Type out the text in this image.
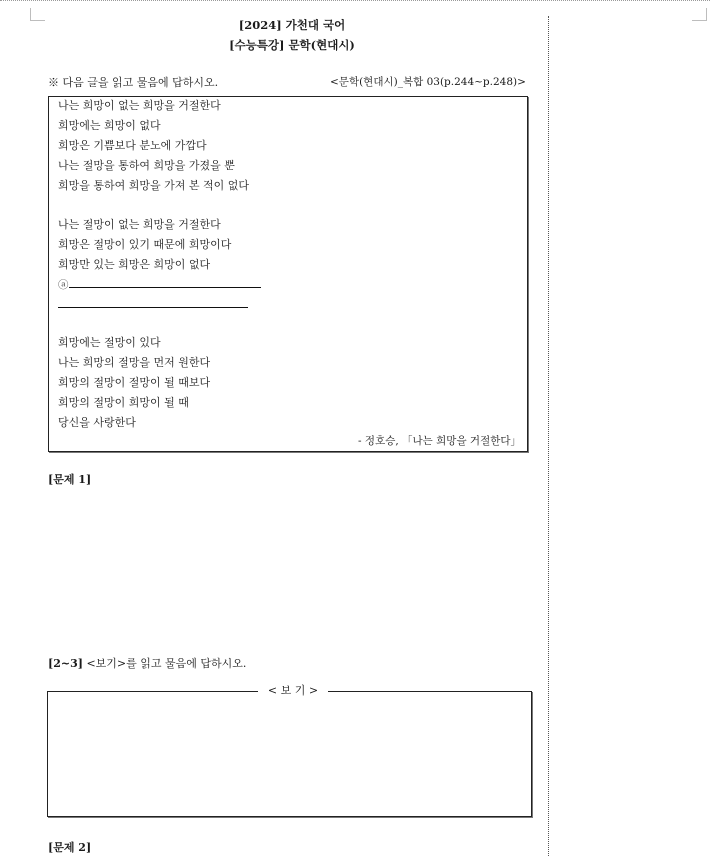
[2024] 가천대 국어
[수능특강] 문학(현대시)
※ 다음 글을 읽고 물음에 답하시오.	<문학(현대시)_복합 03(p.244~p.248)>
나는 희망이 없는 희망을 거절한다
희망에는 희망이 없다
희망은 기쁨보다 분노에 가깝다
나는 절망을 통하여 희망을 가졌을 뿐
희망을 통하여 희망을 가져 본 적이 없다
나는 절망이 없는 희망을 거절한다
희망은 절망이 있기 때문에 희망이다
희망만 있는 희망은 희망이 없다
ⓐ
희망에는 절망이 있다
나는 희망의 절망을 먼저 원한다
희망의 절망이 절망이 될 때보다
희망의 절망이 희망이 될 때
당신을 사랑한다
- 정호승, 「나는 희망을 거절한다」
[문제 1]
[2~3] <보기>를 읽고 물음에 답하시오.
< 보 기 >
[문제 2]
